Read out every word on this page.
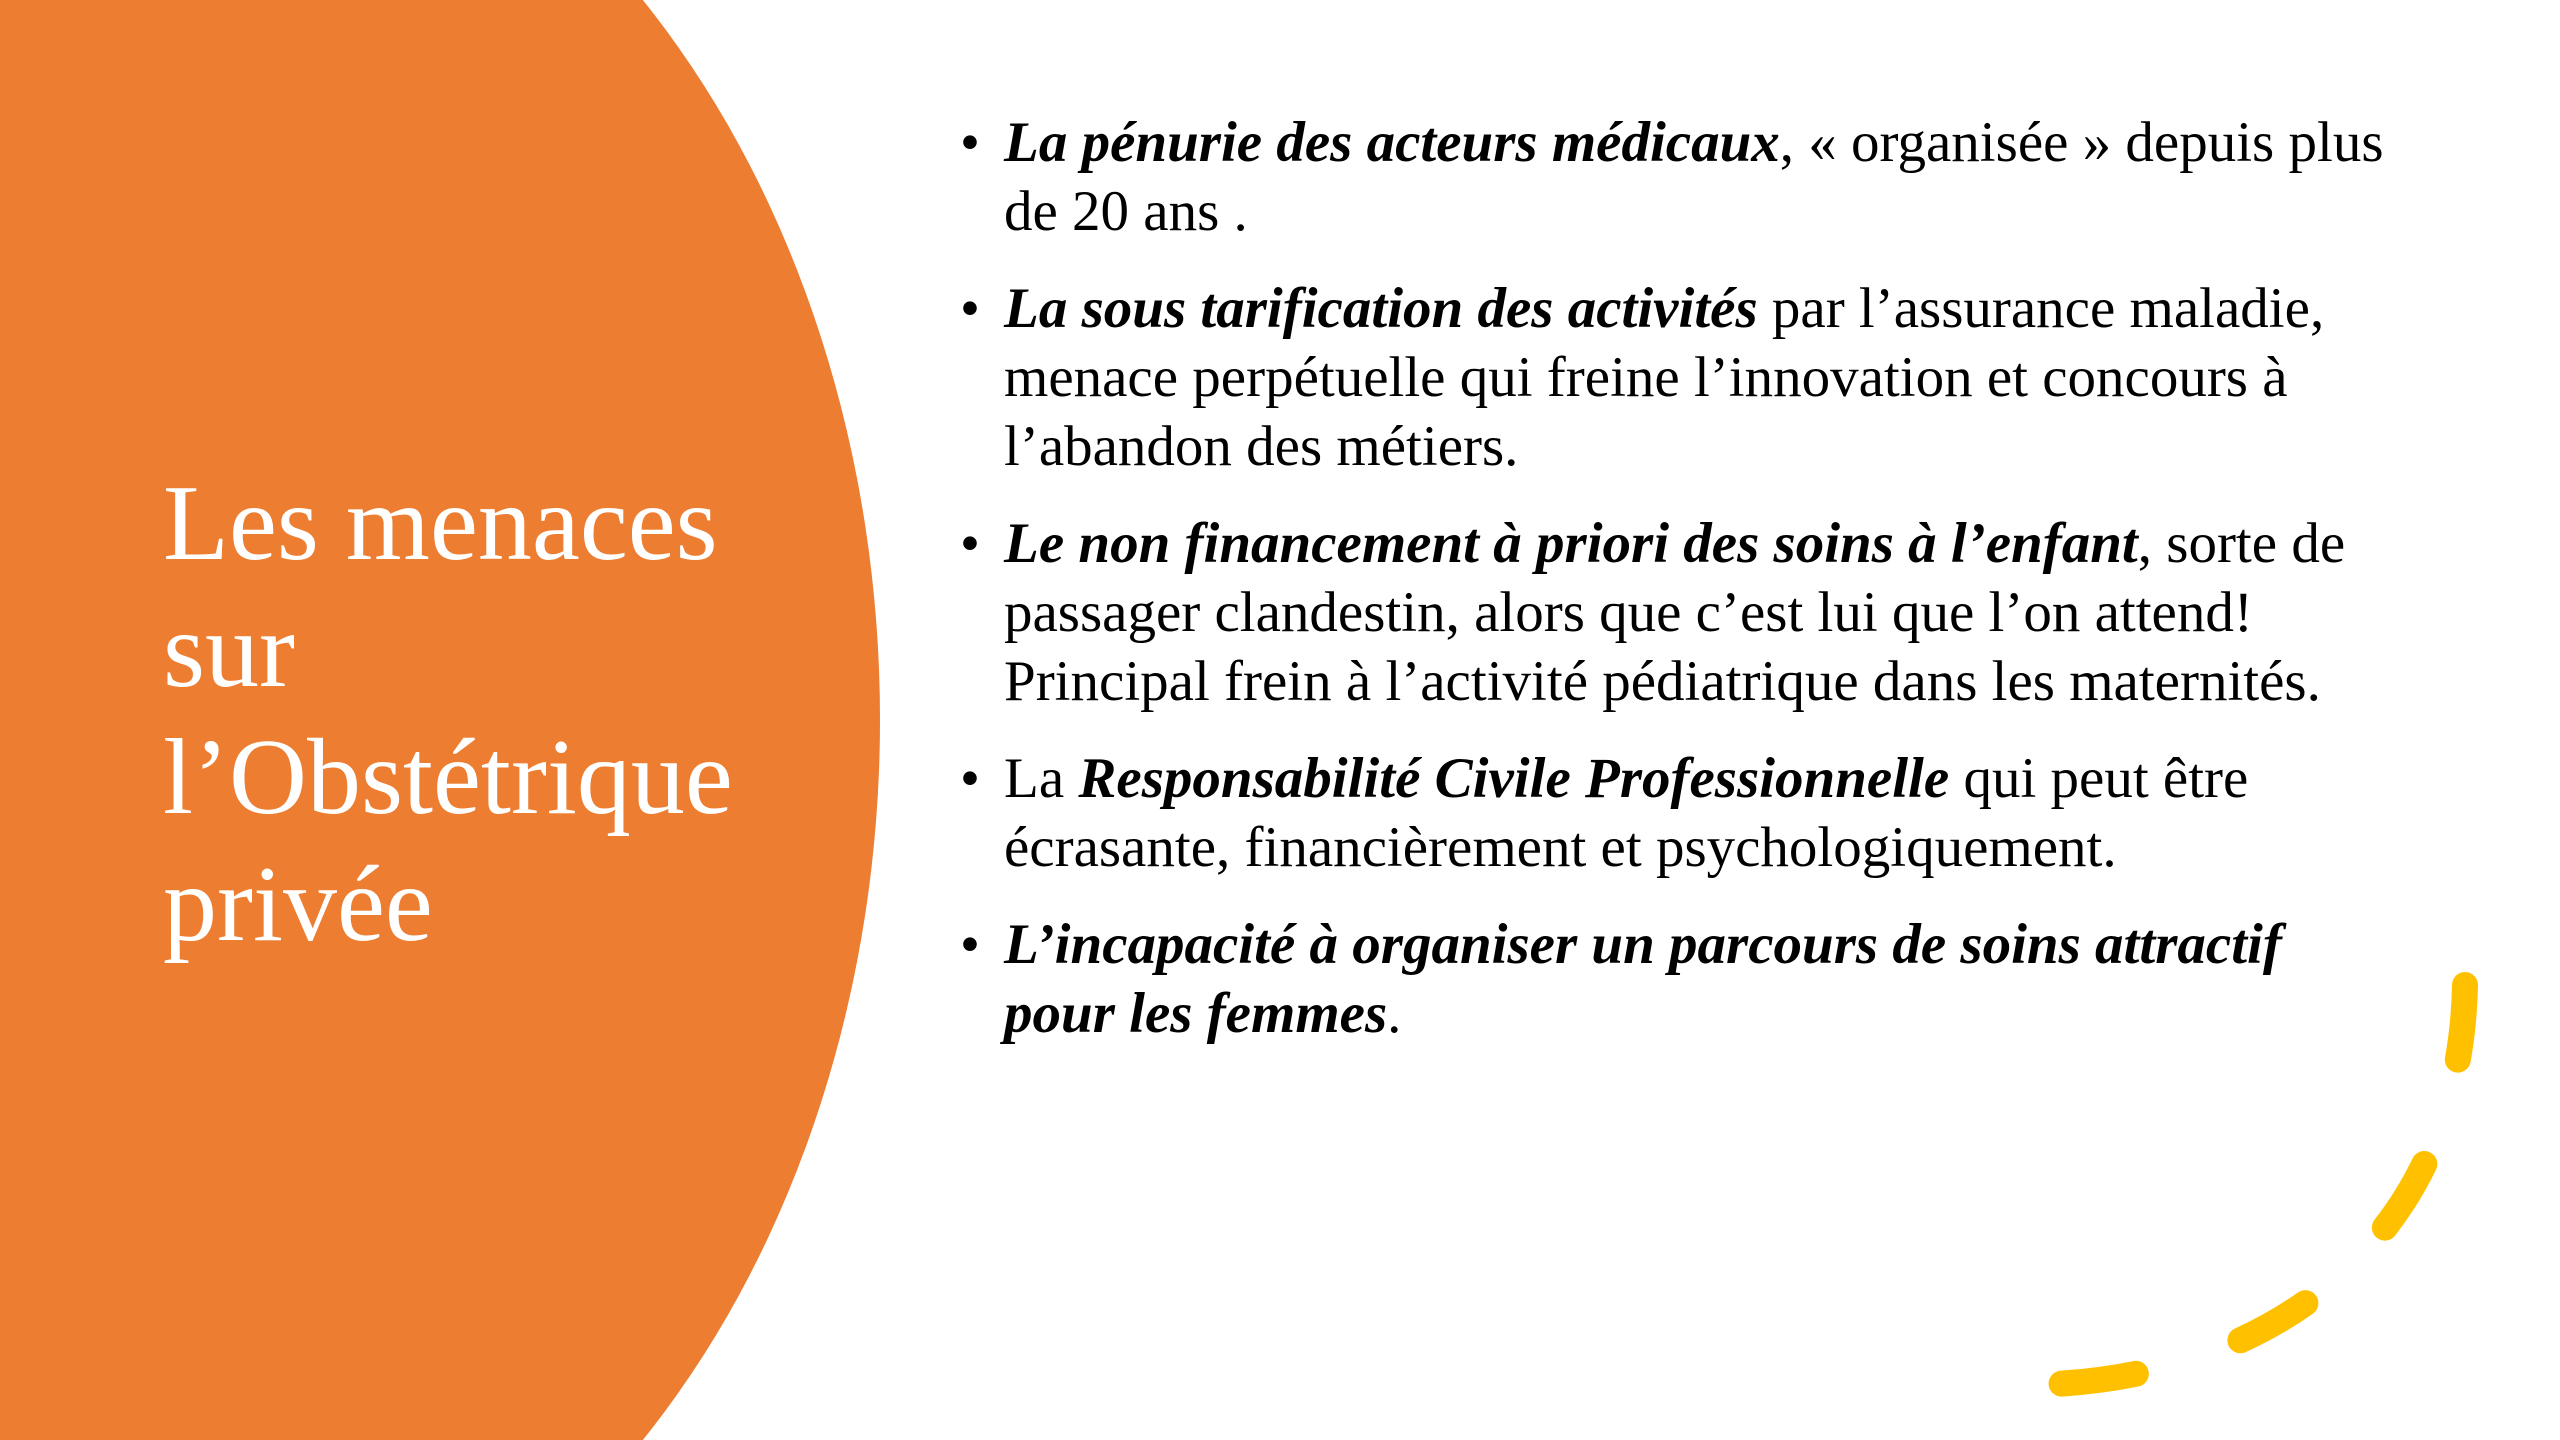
Les menaces
sur
l’Obstétrique
privée
• La pénurie des acteurs médicaux, « organisée » depuis plus de 20 ans .
• La sous tarification des activités par l’assurance maladie, menace perpétuelle qui freine l’innovation et concours à l’abandon des métiers.
• Le non financement à priori des soins à l’enfant, sorte de passager clandestin, alors que c’est lui que l’on attend! Principal frein à l’activité pédiatrique dans les maternités.
• La Responsabilité Civile Professionnelle qui peut être écrasante, financièrement et psychologiquement.
• L’incapacité à organiser un parcours de soins attractif pour les femmes.
